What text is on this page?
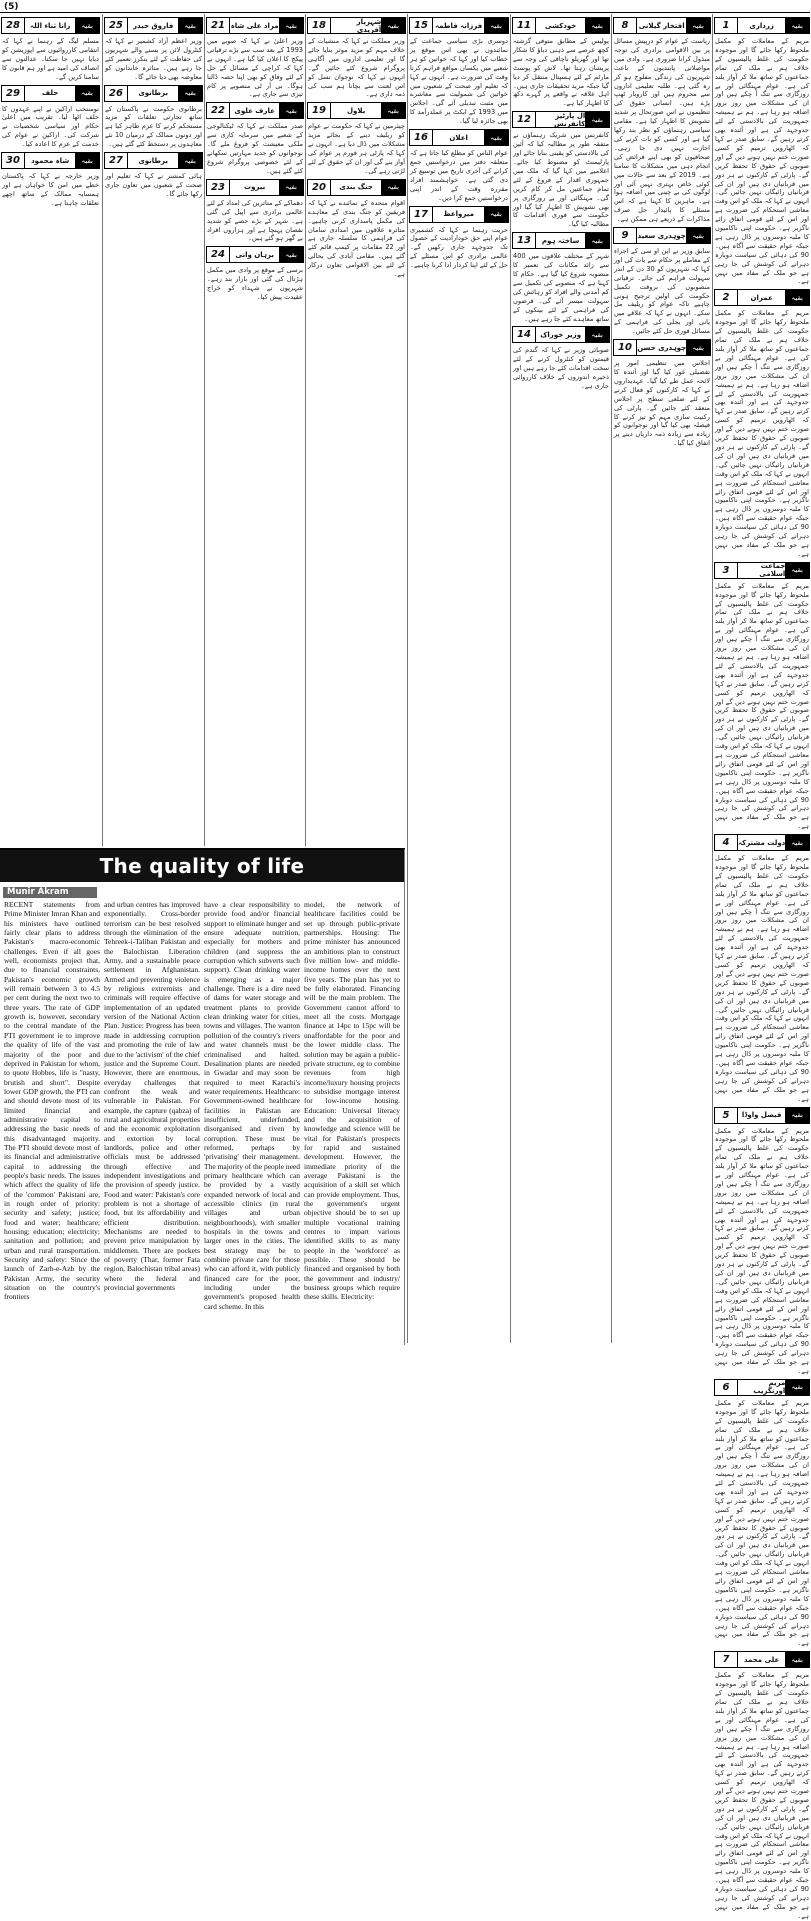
(5)
بقیہ
زرداری
1
مریم کے معاملات کو مکمل ملحوظ رکھا جائے گا اور موجودہ حکومت کی غلط پالیسیوں کے خلاف ہم نے ملک کی تمام جماعتوں کو ساتھ ملا کر آواز بلند کی ہے۔ عوام مہنگائی اور بے روزگاری سے تنگ آ چکے ہیں اور ان کی مشکلات میں روز بروز اضافہ ہو رہا ہے۔ ہم نے ہمیشہ جمہوریت کی بالادستی کے لئے جدوجہد کی ہے اور آئندہ بھی کرتے رہیں گے۔ سابق صدر نے کہا کہ اٹھارویں ترمیم کو کسی صورت ختم نہیں ہونے دیں گے اور صوبوں کے حقوق کا تحفظ کریں گے۔ پارٹی کے کارکنوں نے ہر دور میں قربانیاں دی ہیں اور ان کی قربانیاں رائیگاں نہیں جائیں گی۔ انہوں نے کہا کہ ملک کو اس وقت معاشی استحکام کی ضرورت ہے اور اس کے لئے قومی اتفاق رائے ناگزیر ہے۔ حکومت اپنی ناکامیوں کا ملبہ دوسروں پر ڈال رہی ہے جبکہ عوام حقیقت سے آگاہ ہیں۔ 90 کی دہائی کی سیاست دوبارہ دہرانے کی کوشش کی جا رہی ہے جو ملک کے مفاد میں نہیں ہے۔
بقیہ
عمران
2
مریم کے معاملات کو مکمل ملحوظ رکھا جائے گا اور موجودہ حکومت کی غلط پالیسیوں کے خلاف ہم نے ملک کی تمام جماعتوں کو ساتھ ملا کر آواز بلند کی ہے۔ عوام مہنگائی اور بے روزگاری سے تنگ آ چکے ہیں اور ان کی مشکلات میں روز بروز اضافہ ہو رہا ہے۔ ہم نے ہمیشہ جمہوریت کی بالادستی کے لئے جدوجہد کی ہے اور آئندہ بھی کرتے رہیں گے۔ سابق صدر نے کہا کہ اٹھارویں ترمیم کو کسی صورت ختم نہیں ہونے دیں گے اور صوبوں کے حقوق کا تحفظ کریں گے۔ پارٹی کے کارکنوں نے ہر دور میں قربانیاں دی ہیں اور ان کی قربانیاں رائیگاں نہیں جائیں گی۔ انہوں نے کہا کہ ملک کو اس وقت معاشی استحکام کی ضرورت ہے اور اس کے لئے قومی اتفاق رائے ناگزیر ہے۔ حکومت اپنی ناکامیوں کا ملبہ دوسروں پر ڈال رہی ہے جبکہ عوام حقیقت سے آگاہ ہیں۔ 90 کی دہائی کی سیاست دوبارہ دہرانے کی کوشش کی جا رہی ہے جو ملک کے مفاد میں نہیں ہے۔
بقیہ
جماعت اسلامی
3
مریم کے معاملات کو مکمل ملحوظ رکھا جائے گا اور موجودہ حکومت کی غلط پالیسیوں کے خلاف ہم نے ملک کی تمام جماعتوں کو ساتھ ملا کر آواز بلند کی ہے۔ عوام مہنگائی اور بے روزگاری سے تنگ آ چکے ہیں اور ان کی مشکلات میں روز بروز اضافہ ہو رہا ہے۔ ہم نے ہمیشہ جمہوریت کی بالادستی کے لئے جدوجہد کی ہے اور آئندہ بھی کرتے رہیں گے۔ سابق صدر نے کہا کہ اٹھارویں ترمیم کو کسی صورت ختم نہیں ہونے دیں گے اور صوبوں کے حقوق کا تحفظ کریں گے۔ پارٹی کے کارکنوں نے ہر دور میں قربانیاں دی ہیں اور ان کی قربانیاں رائیگاں نہیں جائیں گی۔ انہوں نے کہا کہ ملک کو اس وقت معاشی استحکام کی ضرورت ہے اور اس کے لئے قومی اتفاق رائے ناگزیر ہے۔ حکومت اپنی ناکامیوں کا ملبہ دوسروں پر ڈال رہی ہے جبکہ عوام حقیقت سے آگاہ ہیں۔ 90 کی دہائی کی سیاست دوبارہ دہرانے کی کوشش کی جا رہی ہے جو ملک کے مفاد میں نہیں ہے۔
بقیہ
دولت مشترکہ
4
مریم کے معاملات کو مکمل ملحوظ رکھا جائے گا اور موجودہ حکومت کی غلط پالیسیوں کے خلاف ہم نے ملک کی تمام جماعتوں کو ساتھ ملا کر آواز بلند کی ہے۔ عوام مہنگائی اور بے روزگاری سے تنگ آ چکے ہیں اور ان کی مشکلات میں روز بروز اضافہ ہو رہا ہے۔ ہم نے ہمیشہ جمہوریت کی بالادستی کے لئے جدوجہد کی ہے اور آئندہ بھی کرتے رہیں گے۔ سابق صدر نے کہا کہ اٹھارویں ترمیم کو کسی صورت ختم نہیں ہونے دیں گے اور صوبوں کے حقوق کا تحفظ کریں گے۔ پارٹی کے کارکنوں نے ہر دور میں قربانیاں دی ہیں اور ان کی قربانیاں رائیگاں نہیں جائیں گی۔ انہوں نے کہا کہ ملک کو اس وقت معاشی استحکام کی ضرورت ہے اور اس کے لئے قومی اتفاق رائے ناگزیر ہے۔ حکومت اپنی ناکامیوں کا ملبہ دوسروں پر ڈال رہی ہے جبکہ عوام حقیقت سے آگاہ ہیں۔ 90 کی دہائی کی سیاست دوبارہ دہرانے کی کوشش کی جا رہی ہے جو ملک کے مفاد میں نہیں ہے۔
بقیہ
فیصل واوڈا
5
مریم کے معاملات کو مکمل ملحوظ رکھا جائے گا اور موجودہ حکومت کی غلط پالیسیوں کے خلاف ہم نے ملک کی تمام جماعتوں کو ساتھ ملا کر آواز بلند کی ہے۔ عوام مہنگائی اور بے روزگاری سے تنگ آ چکے ہیں اور ان کی مشکلات میں روز بروز اضافہ ہو رہا ہے۔ ہم نے ہمیشہ جمہوریت کی بالادستی کے لئے جدوجہد کی ہے اور آئندہ بھی کرتے رہیں گے۔ سابق صدر نے کہا کہ اٹھارویں ترمیم کو کسی صورت ختم نہیں ہونے دیں گے اور صوبوں کے حقوق کا تحفظ کریں گے۔ پارٹی کے کارکنوں نے ہر دور میں قربانیاں دی ہیں اور ان کی قربانیاں رائیگاں نہیں جائیں گی۔ انہوں نے کہا کہ ملک کو اس وقت معاشی استحکام کی ضرورت ہے اور اس کے لئے قومی اتفاق رائے ناگزیر ہے۔ حکومت اپنی ناکامیوں کا ملبہ دوسروں پر ڈال رہی ہے جبکہ عوام حقیقت سے آگاہ ہیں۔ 90 کی دہائی کی سیاست دوبارہ دہرانے کی کوشش کی جا رہی ہے جو ملک کے مفاد میں نہیں ہے۔
بقیہ
مریم اورنگزیب
6
مریم کے معاملات کو مکمل ملحوظ رکھا جائے گا اور موجودہ حکومت کی غلط پالیسیوں کے خلاف ہم نے ملک کی تمام جماعتوں کو ساتھ ملا کر آواز بلند کی ہے۔ عوام مہنگائی اور بے روزگاری سے تنگ آ چکے ہیں اور ان کی مشکلات میں روز بروز اضافہ ہو رہا ہے۔ ہم نے ہمیشہ جمہوریت کی بالادستی کے لئے جدوجہد کی ہے اور آئندہ بھی کرتے رہیں گے۔ سابق صدر نے کہا کہ اٹھارویں ترمیم کو کسی صورت ختم نہیں ہونے دیں گے اور صوبوں کے حقوق کا تحفظ کریں گے۔ پارٹی کے کارکنوں نے ہر دور میں قربانیاں دی ہیں اور ان کی قربانیاں رائیگاں نہیں جائیں گی۔ انہوں نے کہا کہ ملک کو اس وقت معاشی استحکام کی ضرورت ہے اور اس کے لئے قومی اتفاق رائے ناگزیر ہے۔ حکومت اپنی ناکامیوں کا ملبہ دوسروں پر ڈال رہی ہے جبکہ عوام حقیقت سے آگاہ ہیں۔ 90 کی دہائی کی سیاست دوبارہ دہرانے کی کوشش کی جا رہی ہے جو ملک کے مفاد میں نہیں ہے۔
بقیہ
علی محمد
7
مریم کے معاملات کو مکمل ملحوظ رکھا جائے گا اور موجودہ حکومت کی غلط پالیسیوں کے خلاف ہم نے ملک کی تمام جماعتوں کو ساتھ ملا کر آواز بلند کی ہے۔ عوام مہنگائی اور بے روزگاری سے تنگ آ چکے ہیں اور ان کی مشکلات میں روز بروز اضافہ ہو رہا ہے۔ ہم نے ہمیشہ جمہوریت کی بالادستی کے لئے جدوجہد کی ہے اور آئندہ بھی کرتے رہیں گے۔ سابق صدر نے کہا کہ اٹھارویں ترمیم کو کسی صورت ختم نہیں ہونے دیں گے اور صوبوں کے حقوق کا تحفظ کریں گے۔ پارٹی کے کارکنوں نے ہر دور میں قربانیاں دی ہیں اور ان کی قربانیاں رائیگاں نہیں جائیں گی۔ انہوں نے کہا کہ ملک کو اس وقت معاشی استحکام کی ضرورت ہے اور اس کے لئے قومی اتفاق رائے ناگزیر ہے۔ حکومت اپنی ناکامیوں کا ملبہ دوسروں پر ڈال رہی ہے جبکہ عوام حقیقت سے آگاہ ہیں۔ 90 کی دہائی کی سیاست دوبارہ دہرانے کی کوشش کی جا رہی ہے جو ملک کے مفاد میں نہیں ہے۔
بقیہ
افتخار گیلانی
8
ریاست کے عوام کو درپیش مسائل پر بین الاقوامی برادری کی توجہ مبذول کرانا ضروری ہے۔ وادی میں مواصلاتی پابندیوں کے باعث شہریوں کی زندگی مفلوج ہو کر رہ گئی ہے۔ طلبہ تعلیمی اداروں سے محروم ہیں اور کاروبار ٹھپ پڑے ہیں۔ انسانی حقوق کی تنظیموں نے اس صورتحال پر شدید تشویش کا اظہار کیا ہے۔ مقامی سیاسی رہنماؤں کو نظر بند رکھا گیا ہے اور کسی کو بات کرنے کی اجازت نہیں دی جا رہی۔ صحافیوں کو بھی اپنے فرائض کی انجام دہی میں مشکلات کا سامنا ہے۔ 2019 کے بعد سے حالات میں کوئی خاص بہتری نہیں آئی اور لوگوں کی بے چینی میں اضافہ ہوا ہے۔ ماہرین کا کہنا ہے کہ اس مسئلے کا پائیدار حل صرف مذاکرات کے ذریعے ہی ممکن ہے۔
بقیہ
چوہدری سعید
9
سابق وزیر نے این او سی کے اجراء کے معاملے پر حکام سے بات کی اور کہا کہ شہریوں کو 30 دن کے اندر سہولت فراہم کی جائے۔ ترقیاتی منصوبوں کی بروقت تکمیل حکومت کی اولین ترجیح ہونی چاہیے تاکہ عوام کو ریلیف مل سکے۔ انہوں نے کہا کہ علاقے میں پانی اور بجلی کی فراہمی کے مسائل فوری حل کئے جائیں۔
بقیہ
چوہدری حسن
10
اجلاس میں تنظیمی امور پر تفصیلی غور کیا گیا اور آئندہ کا لائحہ عمل طے کیا گیا۔ عہدیداروں نے کہا کہ کارکنوں کو فعال کرنے کے لئے ضلعی سطح پر اجلاس منعقد کئے جائیں گے۔ پارٹی کی رکنیت سازی مہم کو تیز کرنے کا فیصلہ بھی کیا گیا اور نوجوانوں کو زیادہ سے زیادہ ذمہ داریاں دینے پر اتفاق کیا گیا۔
بقیہ
خودکشی
11
پولیس کے مطابق متوفی گزشتہ کچھ عرصے سے ذہنی دباؤ کا شکار تھا اور گھریلو ناچاقی کی وجہ سے پریشان رہتا تھا۔ لاش کو پوسٹ مارٹم کے لئے ہسپتال منتقل کر دیا گیا جبکہ مزید تحقیقات جاری ہیں۔ اہل علاقہ نے واقعے پر گہرے دکھ کا اظہار کیا ہے۔
بقیہ
آل پارٹیز کانفرنس
12
کانفرنس میں شریک رہنماؤں نے متفقہ طور پر مطالبہ کیا کہ آئین کی بالادستی کو یقینی بنایا جائے اور پارلیمنٹ کو مضبوط کیا جائے۔ اعلامیے میں کہا گیا کہ ملک میں جمہوری اقدار کے فروغ کے لئے تمام جماعتیں مل کر کام کریں گی۔ مہنگائی اور بے روزگاری پر بھی تشویش کا اظہار کیا گیا اور حکومت سے فوری اقدامات کا مطالبہ کیا گیا۔
بقیہ
ساختہ ہوم
13
شہر کے مختلف علاقوں میں 400 سے زائد مکانات کی تعمیر کا منصوبہ شروع کیا گیا ہے۔ حکام کا کہنا ہے کہ منصوبے کی تکمیل سے کم آمدنی والے افراد کو رہائش کی سہولت میسر آئے گی۔ قرضوں کی فراہمی کے لئے بینکوں کے ساتھ معاہدے کئے جا رہے ہیں۔
بقیہ
وزیر خوراک
14
صوبائی وزیر نے کہا کہ گندم کی قیمتوں کو کنٹرول کرنے کے لئے سخت اقدامات کئے جا رہے ہیں اور ذخیرہ اندوزوں کے خلاف کارروائی جاری ہے۔
بقیہ
فرزانہ فاطمہ
15
دوسری بڑی سیاسی جماعت کے نمائندوں نے بھی اس موقع پر خطاب کیا اور کہا کہ خواتین کو ہر شعبے میں یکساں مواقع فراہم کرنا وقت کی ضرورت ہے۔ انہوں نے کہا کہ تعلیم اور صحت کے شعبوں میں خواتین کی شمولیت سے معاشرے میں مثبت تبدیلی آئے گی۔ اجلاس میں 1993 کے ایکٹ پر عملدرآمد کا بھی جائزہ لیا گیا۔
بقیہ
اعلان
16
عوام الناس کو مطلع کیا جاتا ہے کہ متعلقہ دفتر میں درخواستیں جمع کرانے کی آخری تاریخ میں توسیع کر دی گئی ہے۔ خواہشمند افراد مقررہ وقت کے اندر اپنی درخواستیں جمع کرا دیں۔
بقیہ
میرواعظ
17
حریت رہنما نے کہا کہ کشمیری عوام اپنے حق خودارادیت کے حصول تک جدوجہد جاری رکھیں گے۔ عالمی برادری کو اس مسئلے کے حل کے لئے اپنا کردار ادا کرنا چاہیے۔
بقیہ
شہریار آفریدی
18
وزیر مملکت نے کہا کہ منشیات کے خلاف مہم کو مزید موثر بنایا جائے گا اور تعلیمی اداروں میں آگاہی پروگرام شروع کئے جائیں گے۔ انہوں نے کہا کہ نوجوان نسل کو اس لعنت سے بچانا ہم سب کی ذمہ داری ہے۔
بقیہ
بلاول
19
چیئرمین نے کہا کہ حکومت نے عوام کو ریلیف دینے کے بجائے مزید مشکلات میں ڈال دیا ہے۔ انہوں نے کہا کہ پارٹی ہر فورم پر عوام کی آواز بنے گی اور ان کے حقوق کے لئے لڑتی رہے گی۔
بقیہ
جنگ بندی
20
اقوام متحدہ کے نمائندے نے کہا کہ فریقین کو جنگ بندی کے معاہدے کی مکمل پاسداری کرنی چاہیے۔ متاثرہ علاقوں میں امدادی سامان کی فراہمی کا سلسلہ جاری ہے اور 22 مقامات پر کیمپ قائم کئے گئے ہیں۔ مقامی آبادی کی بحالی کے لئے بین الاقوامی تعاون درکار ہے۔
بقیہ
مراد علی شاہ
21
وزیر اعلیٰ نے کہا کہ صوبے میں 1993 کے بعد سب سے بڑے ترقیاتی پیکج کا اعلان کیا گیا ہے۔ انہوں نے کہا کہ کراچی کے مسائل کے حل کے لئے وفاق کو بھی اپنا حصہ ڈالنا ہوگا۔ بی آر ٹی منصوبے پر کام تیزی سے جاری ہے۔
بقیہ
عارف علوی
22
صدر مملکت نے کہا کہ ٹیکنالوجی کے شعبے میں سرمایہ کاری سے ملکی معیشت کو فروغ ملے گا۔ نوجوانوں کو جدید مہارتیں سکھانے کے لئے خصوصی پروگرام شروع کئے گئے ہیں۔
بقیہ
بیروت
23
دھماکے کے متاثرین کی امداد کے لئے عالمی برادری سے اپیل کی گئی ہے۔ شہر کے بڑے حصے کو شدید نقصان پہنچا ہے اور ہزاروں افراد بے گھر ہو گئے ہیں۔
بقیہ
برہان وانی
24
برسی کے موقع پر وادی میں مکمل ہڑتال کی گئی اور بازار بند رہے۔ شہریوں نے شہداء کو خراج عقیدت پیش کیا۔
بقیہ
فاروق حیدر
25
وزیر اعظم آزاد کشمیر نے کہا کہ کنٹرول لائن پر بسنے والے شہریوں کی حفاظت کے لئے بنکرز تعمیر کئے جا رہے ہیں۔ متاثرہ خاندانوں کو معاوضہ بھی دیا جائے گا۔
بقیہ
برطانوی
26
برطانوی حکومت نے پاکستان کے ساتھ تجارتی تعلقات کو مزید مستحکم کرنے کا عزم ظاہر کیا ہے اور دونوں ممالک کے درمیان 10 نئے معاہدوں پر دستخط کئے گئے ہیں۔
بقیہ
برطانوی
27
ہائی کمشنر نے کہا کہ تعلیم اور صحت کے شعبوں میں تعاون جاری رکھا جائے گا۔
بقیہ
رانا ثناء اللہ
28
مسلم لیگ کے رہنما نے کہا کہ انتقامی کارروائیوں سے اپوزیشن کو دبایا نہیں جا سکتا۔ عدالتوں سے انصاف کی امید ہے اور ہم قانون کا سامنا کریں گے۔
بقیہ
حلف
29
نومنتخب اراکین نے اپنے عہدوں کا حلف اٹھا لیا۔ تقریب میں اعلیٰ حکام اور سیاسی شخصیات نے شرکت کی۔ اراکین نے عوام کی خدمت کے عزم کا اعادہ کیا۔
بقیہ
شاہ محمود
30
وزیر خارجہ نے کہا کہ پاکستان خطے میں امن کا خواہاں ہے اور ہمسایہ ممالک کے ساتھ اچھے تعلقات چاہتا ہے۔
The quality of life
Munir Akram
RECENT statements from Prime Minister Imran Khan and his ministers have outlined fairly clear plans to address Pakistan's macro-economic challenges. Even if all goes well, economists project that, due to financial constraints, Pakistan's economic growth will remain between 3 to 4.5 per cent during the next two to three years. The rate of GDP growth is, however, secondary to the central mandate of the PTI government ie to improve the quality of life of the vast majority of the poor and deprived in Pakistan for whom, to quote Hobbes, life is "nasty, brutish and short". Despite lower GDP growth, the PTI can and should devote most of its limited financial and administrative capital to addressing the basic needs of this disadvantaged majority. The PTI should devote most of its financial and administrative capital to addressing the people's basic needs. The issues which affect the quality of life of the 'common' Pakistani are, in rough order of priority: security and safety; justice; food and water; healthcare; housing; education; electricity; sanitation and pollution; and urban and rural transportation. Security and safety: Since the launch of Zarb-e-Azb by the Pakistan Army, the security situation on the country's frontiers
and urban centres has improved exponentially. Cross-border terrorism can be best resolved through the elimination of the Tehreek-i-Taliban Pakistan and the Balochistan Liberation Army, and a sustainable peace settlement in Afghanistan. Armed and preventing violence by religious extremists and criminals will require effective implementation of an updated version of the National Action Plan. Justice: Progress has been made in addressing corruption and promoting the rule of law due to the 'activism' of the chief justice and the Supreme Court. However, there are enormous, everyday challenges that confront the weak and vulnerable in Pakistan. For example, the capture (qabza) of rural and agricultural properties and the economic exploitation and extortion by local landlords, police and other officials must be addressed through effective and independent investigations and the provision of speedy justice. Food and water: Pakistan's core problem is not a shortage of food, but its affordability and efficient distribution. Mechanisms are needed to prevent price manipulation by middlemen. There are pockets of poverty (Thar, former Fata region, Balochistan tribal areas) where the federal and provincial governments
have a clear responsibility to provide food and/or financial support to eliminate hunger and ensure adequate nutrition, especially for mothers and children (and suppress the corruption which subverts such support). Clean drinking water is emerging as a major challenge. There is a dire need of dams for water storage and treatment plants to provide clean drinking water for cities, towns and villages. The wanton pollution of the country's rivers and water channels must be criminalised and halted. Desalination plants are needed in Gwadar and may soon be required to meet Karachi's water requirements. Healthcare: Government-owned healthcare facilities in Pakistan are insufficient, underfunded, disorganised and riven by corruption. These must be reformed, perhaps by 'privatising' their management. The majority of the people need primary healthcare which can be provided by a vastly expanded network of local and accessible clinics (in rural villages and urban neighbourhoods), with smaller hospitals in the towns and larger ones in the cities. The best strategy may be to combine private care for those who can afford it, with publicly financed care for the poor, including under the government's proposed health card scheme. In this
model, the network of healthcare facilities could be set up through public-private partnerships. Housing: The prime minister has announced an ambitious plan to construct five million low- and middle-income homes over the next five years. The plan has yet to be fully elaborated. Financing will be the main problem. The Government cannot afford to meet all the costs. Mortgage finance at 14pc to 15pc will be unaffordable for the poor and the lower middle class. The solution may be again a public-private structure, eg to combine revenues from high income/luxury housing projects to subsidise mortgage interest for low-income housing. Education: Universal literacy and the acquisition of knowledge and science will be vital for Pakistan's prospects for rapid and sustained development. However, the immediate priority of the average Pakistani is the acquisition of a skill set which can provide employment. Thus, the government's urgent objective should be to set up multiple vocational training centres to impart various identified skills to as many people in the 'workforce' as possible. These should be financed and organised by both the government and industry/ business groups which require these skills. Electricity:
